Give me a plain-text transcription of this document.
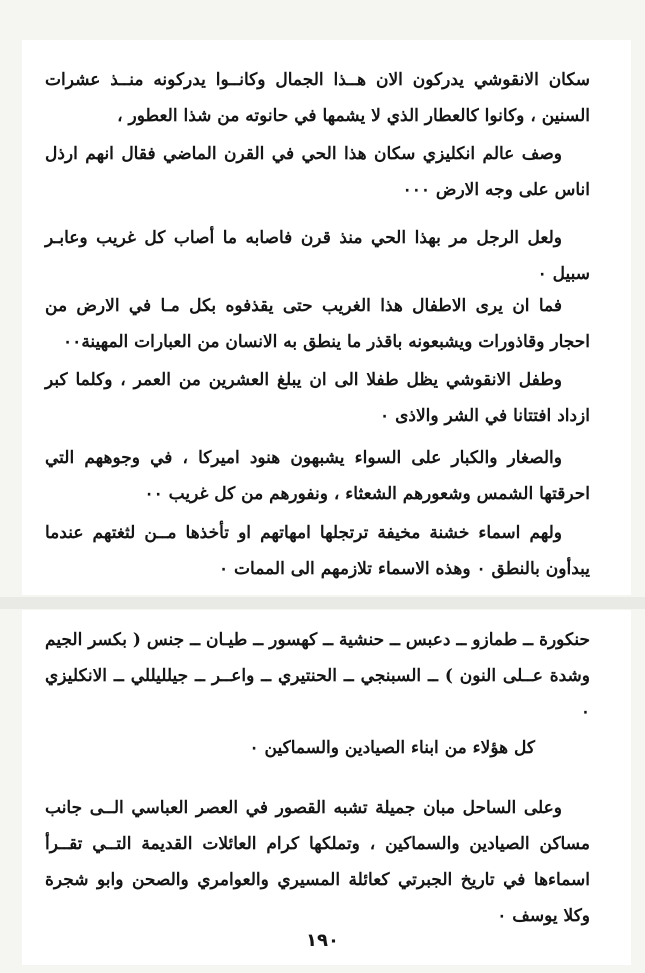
سكان الانقوشي يدركون الان هــذا الجمال وكانــوا يدركونه منــذ عشرات السنين ، وكانوا كالعطار الذي لا يشمها في حانوته من شذا العطور ،

وصف عالم انكليزي سكان هذا الحي في القرن الماضي فقال انهم ارذل اناس على وجه الارض ٠٠٠

ولعل الرجل مر بهذا الحي منذ قرن فاصابه ما أصاب كل غريب وعابـر سبيل ٠

فما ان يرى الاطفال هذا الغريب حتى يقذفوه بكل مـا في الارض من احجار وقاذورات ويشبعونه باقذر ما ينطق به الانسان من العبارات المهينة٠٠

وطفل الانقوشي يظل طفلا الى ان يبلغ العشرين من العمر ، وكلما كبر ازداد افتتانا في الشر والاذى ٠

والصغار والكبار على السواء يشبهون هنود اميركا ، في وجوههم التي احرقتها الشمس وشعورهم الشعثاء ، ونفورهم من كل غريب ٠٠

ولهم اسماء خشنة مخيفة ترتجلها امهاتهم او تأخذها مــن لثغتهم عندما يبدأون بالنطق ٠ وهذه الاسماء تلازمهم الى الممات ٠

حنكورة ــ طمازو ــ دعبس ــ حنشية ــ كهسور ــ طيـان ــ جنس ( بكسر الجيم وشدة عــلى النون ) ــ السبنجي ــ الحنتيري ــ واعــر ــ جيلليللي ــ الانكليزي ٠

كل هؤلاء من ابناء الصيادين والسماكين ٠

وعلى الساحل مبان جميلة تشبه القصور في العصر العباسي الــى جانب مساكن الصيادين والسماكين ، وتملكها كرام العائلات القديمة التــي تقــرأ اسماءها في تاريخ الجبرتي كعائلة المسيري والعوامري والصحن وابو شجرة وكلا يوسف ٠

١٩٠
